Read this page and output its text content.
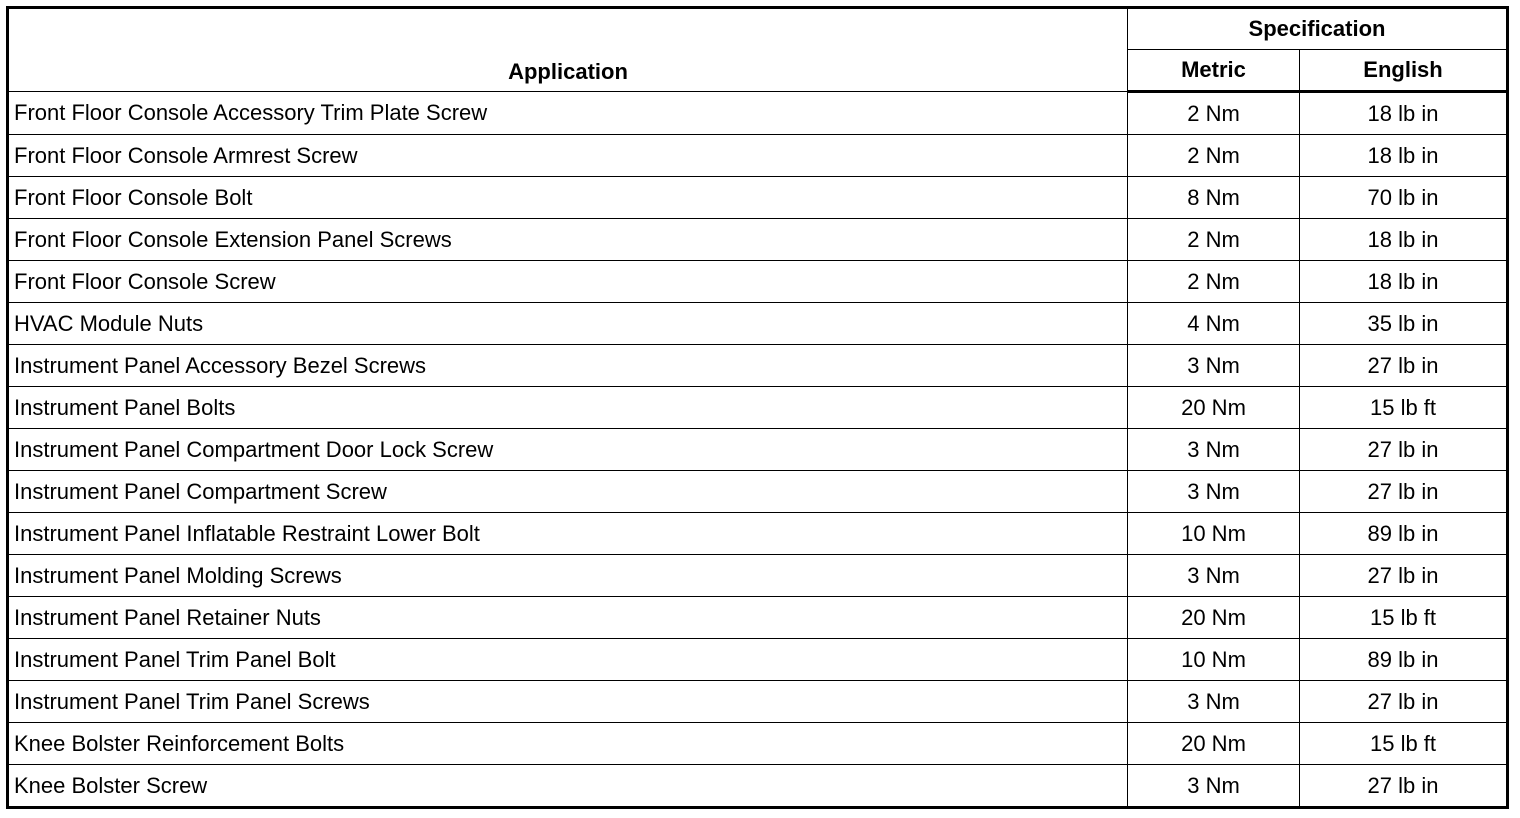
Application	Specification	
	Metric	English
Front Floor Console Accessory Trim Plate Screw	2 Nm	18 lb in
Front Floor Console Armrest Screw	2 Nm	18 lb in
Front Floor Console Bolt	8 Nm	70 lb in
Front Floor Console Extension Panel Screws	2 Nm	18 lb in
Front Floor Console Screw	2 Nm	18 lb in
HVAC Module Nuts	4 Nm	35 lb in
Instrument Panel Accessory Bezel Screws	3 Nm	27 lb in
Instrument Panel Bolts	20 Nm	15 lb ft
Instrument Panel Compartment Door Lock Screw	3 Nm	27 lb in
Instrument Panel Compartment Screw	3 Nm	27 lb in
Instrument Panel Inflatable Restraint Lower Bolt	10 Nm	89 lb in
Instrument Panel Molding Screws	3 Nm	27 lb in
Instrument Panel Retainer Nuts	20 Nm	15 lb ft
Instrument Panel Trim Panel Bolt	10 Nm	89 lb in
Instrument Panel Trim Panel Screws	3 Nm	27 lb in
Knee Bolster Reinforcement Bolts	20 Nm	15 lb ft
Knee Bolster Screw	3 Nm	27 lb in
